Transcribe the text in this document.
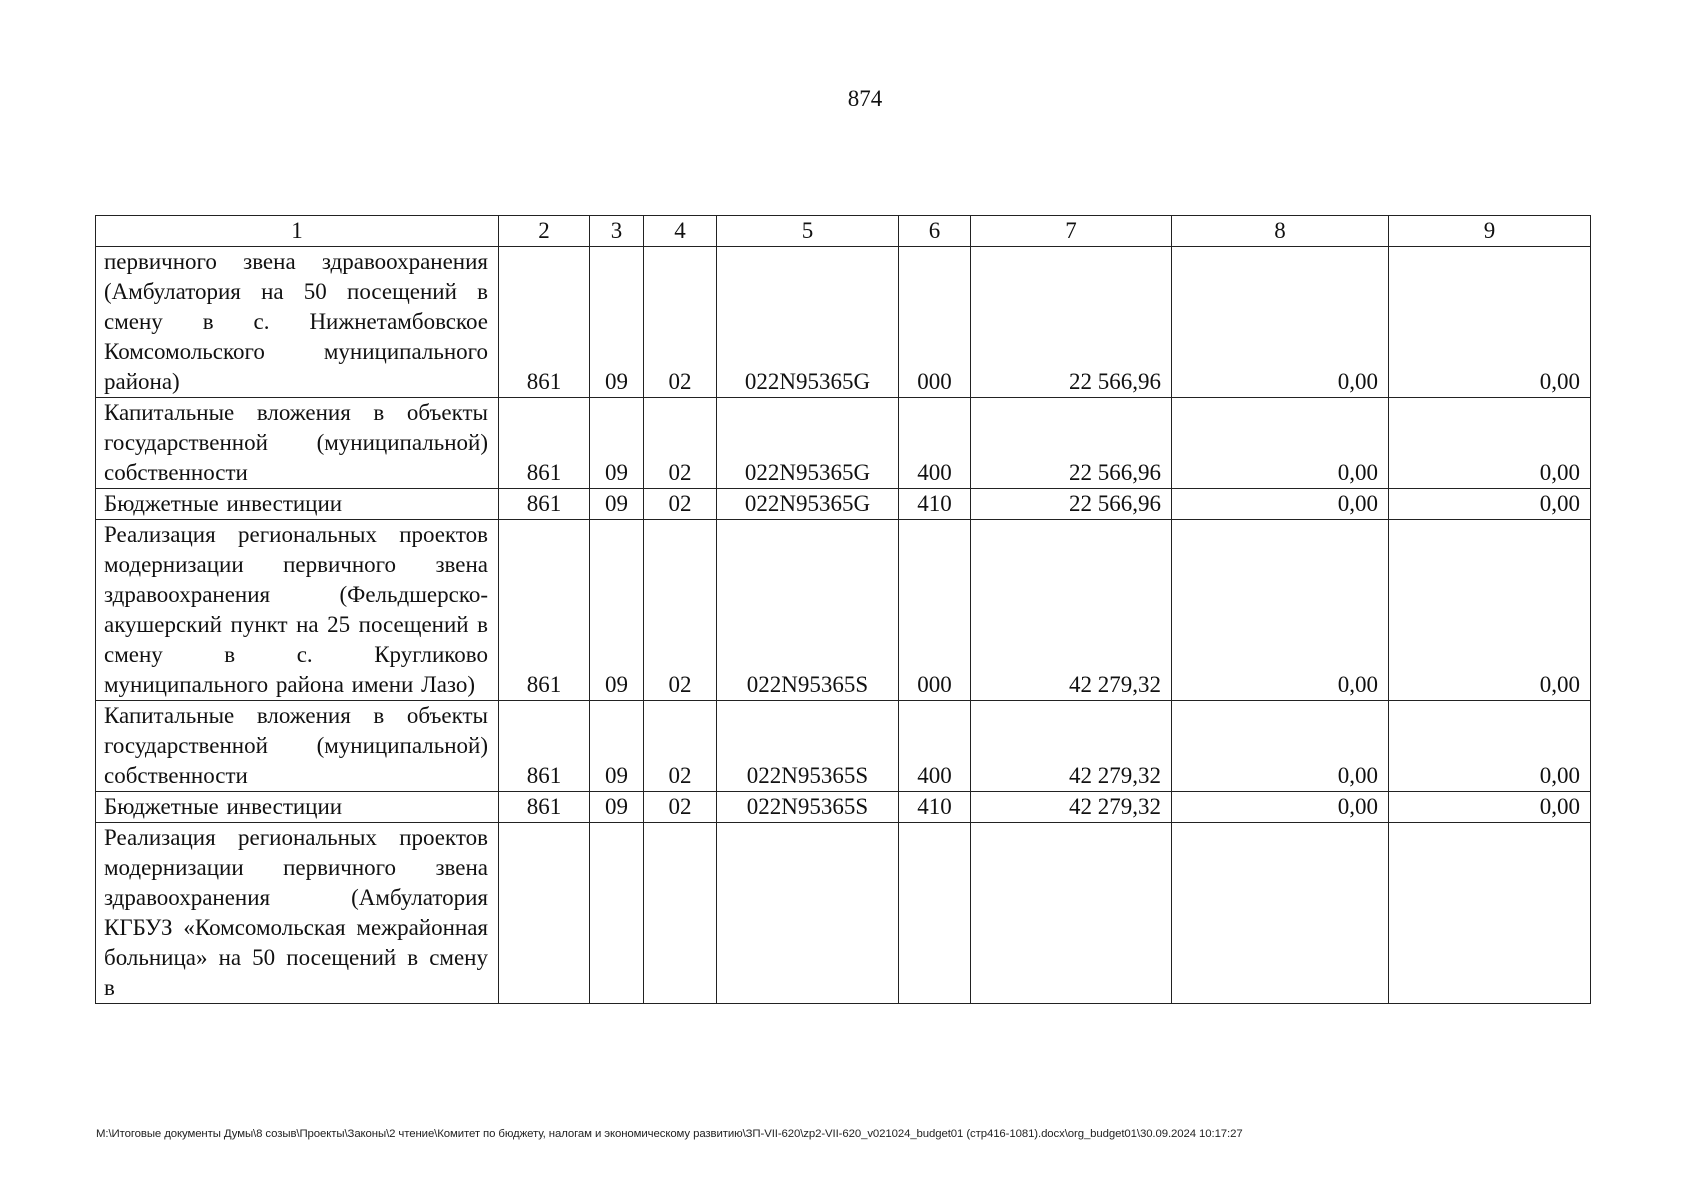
874
1	2	3	4	5	6	7	8	9
первичного звена здравоохранения (Амбулатория на 50 посещений в смену в с. Нижнетамбовское Комсомольского муниципального района)	861	09	02	022N95365G	000	22 566,96	0,00	0,00
Капитальные вложения в объекты государственной (муниципальной) собственности	861	09	02	022N95365G	400	22 566,96	0,00	0,00
Бюджетные инвестиции	861	09	02	022N95365G	410	22 566,96	0,00	0,00
Реализация региональных проектов модернизации первичного звена здравоохранения (Фельдшерско-акушерский пункт на 25 посещений в смену в с. Кругликово муниципального района имени Лазо)	861	09	02	022N95365S	000	42 279,32	0,00	0,00
Капитальные вложения в объекты государственной (муниципальной) собственности	861	09	02	022N95365S	400	42 279,32	0,00	0,00
Бюджетные инвестиции	861	09	02	022N95365S	410	42 279,32	0,00	0,00
Реализация региональных проектов модернизации первичного звена здравоохранения (Амбулатория КГБУЗ «Комсомольская межрайонная больница» на 50 посещений в смену в								
M:\Итоговые документы Думы\8 созыв\Проекты\Законы\2 чтение\Комитет по бюджету, налогам и экономическому развитию\ЗП-VII-620\zp2-VII-620_v021024_budget01 (стр416-1081).docx\org_budget01\30.09.2024 10:17:27
